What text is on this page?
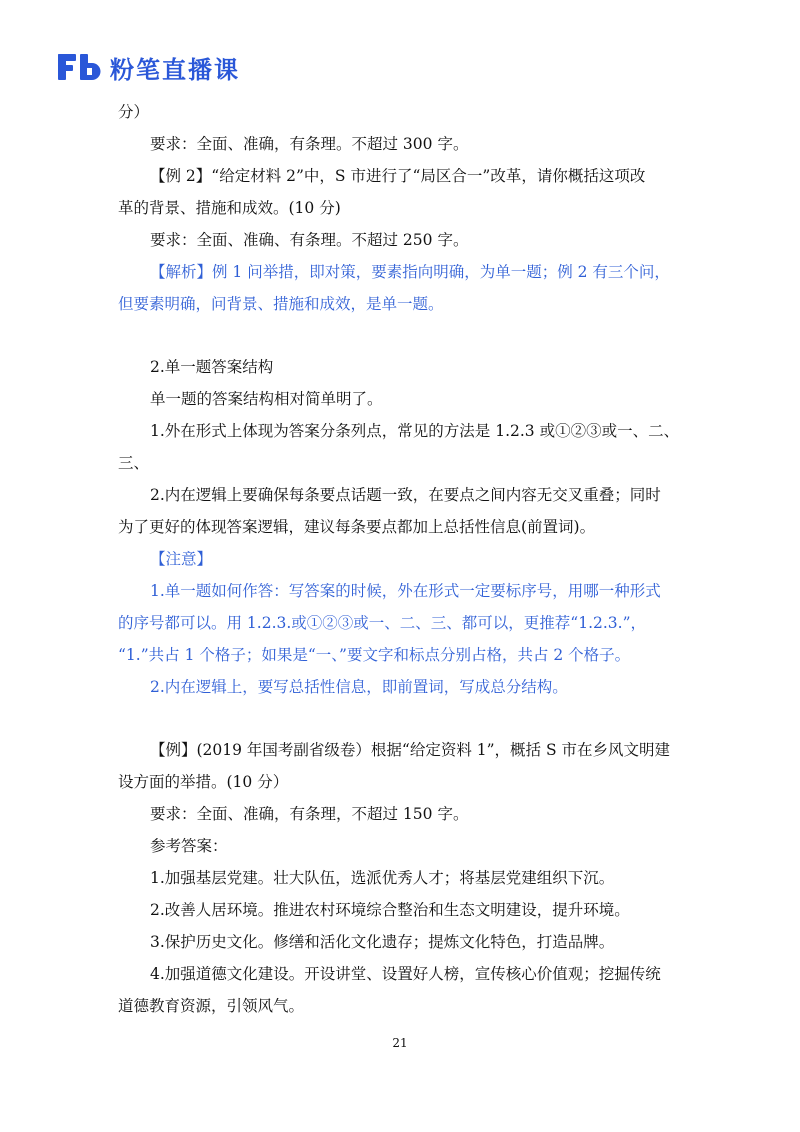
粉笔直播课
分）
要求：全面、准确，有条理。不超过 300 字。
【例 2】“给定材料 2”中，S 市进行了“局区合一”改革，请你概括这项改
革的背景、措施和成效。(10 分)
要求：全面、准确、有条理。不超过 250 字。
【解析】例 1 问举措，即对策，要素指向明确，为单一题；例 2 有三个问，
但要素明确，问背景、措施和成效，是单一题。
2.单一题答案结构
单一题的答案结构相对简单明了。
1.外在形式上体现为答案分条列点，常见的方法是 1.2.3 或①②③或一、二、
三、
2.内在逻辑上要确保每条要点话题一致，在要点之间内容无交叉重叠；同时
为了更好的体现答案逻辑，建议每条要点都加上总括性信息(前置词)。
【注意】
1.单一题如何作答：写答案的时候，外在形式一定要标序号，用哪一种形式
的序号都可以。用 1.2.3.或①②③或一、二、三、都可以，更推荐“1.2.3.”，
“1.”共占 1 个格子；如果是“一、”要文字和标点分别占格，共占 2 个格子。
2.内在逻辑上，要写总括性信息，即前置词，写成总分结构。
【例】(2019 年国考副省级卷）根据“给定资料 1”，概括 S 市在乡风文明建
设方面的举措。(10 分）
要求：全面、准确，有条理，不超过 150 字。
参考答案：
1.加强基层党建。壮大队伍，选派优秀人才；将基层党建组织下沉。
2.改善人居环境。推进农村环境综合整治和生态文明建设，提升环境。
3.保护历史文化。修缮和活化文化遗存；提炼文化特色，打造品牌。
4.加强道德文化建设。开设讲堂、设置好人榜，宣传核心价值观；挖掘传统
道德教育资源，引领风气。
21
